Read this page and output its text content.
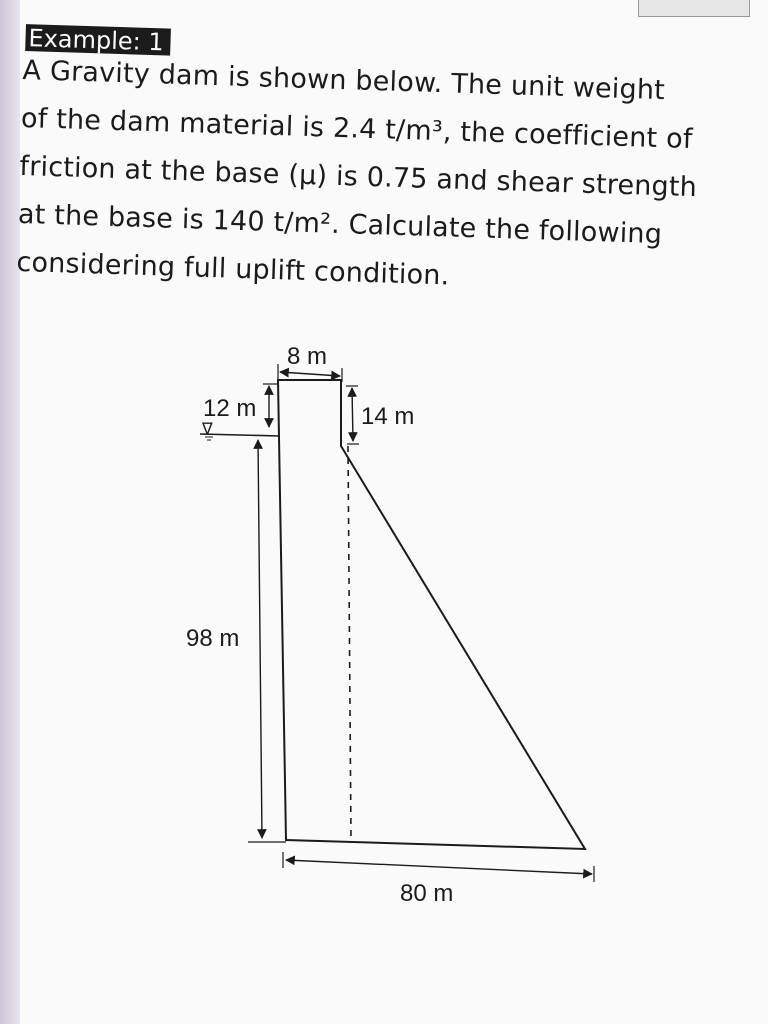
Example: 1
A Gravity dam is shown below. The unit weight
of the dam material is 2.4 t/m³, the coefficient of
friction at the base (μ) is 0.75 and shear strength
at the base is 140 t/m². Calculate the following
considering full uplift condition.
8 m
12 m
∇	14 m
98 m
80 m
